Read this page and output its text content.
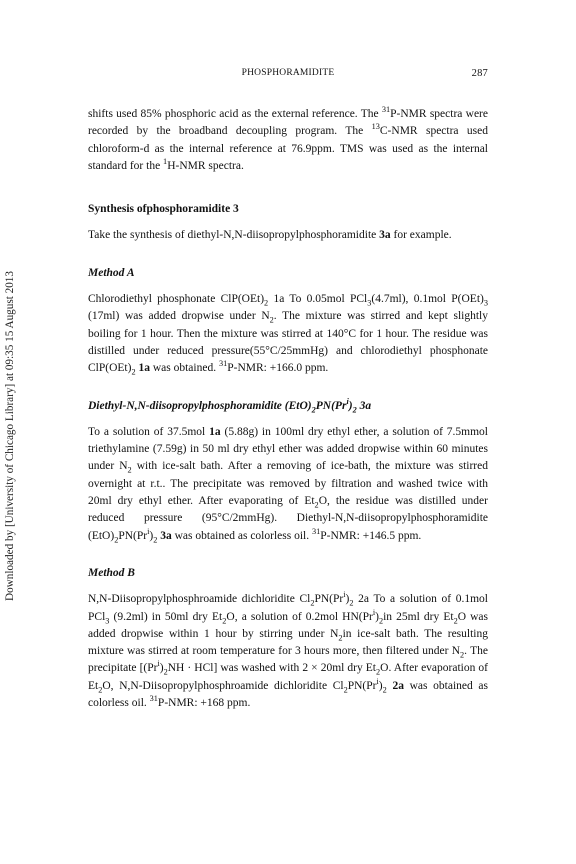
Downloaded by [University of Chicago Library] at 09:35 15 August 2013
PHOSPHORAMIDITE	287

shifts used 85% phosphoric acid as the external reference. The $^{31}$P-NMR spectra were recorded by the broadband decoupling program. The $^{13}$C-NMR spectra used chloroform-d as the internal reference at 76.9ppm. TMS was used as the internal standard for the $^1$H-NMR spectra.

Synthesis ofphosphoramidite 3

Take the synthesis of diethyl-N,N-diisopropylphosphoramidite 3a for example.

Method A

Chlorodiethyl phosphonate $ClP(OEt)_2$ 1a To 0.05mol PCl$_3$(4.7ml), 0.1mol $P(OEt)_3$ (17ml) was added dropwise under $N_2$. The mixture was stirred and kept slightly boiling for 1 hour. Then the mixture was stirred at 140°C for 1 hour. The residue was distilled under reduced pressure(55°C/25mmHg) and chlorodiethyl phosphonate $ClP(OEt)_2$ 1a was obtained. $^{31}$P-NMR: +166.0 ppm.

Diethyl-N,N-diisopropylphosphoramidite $(EtO)_2PN(Pr^i)_2$ 3a

To a solution of 37.5mol 1a (5.88g) in 100ml dry ethyl ether, a solution of 7.5mmol triethylamine (7.59g) in 50 ml dry ethyl ether was added dropwise within 60 minutes under $N_2$ with ice-salt bath. After a removing of ice-bath, the mixture was stirred overnight at r.t.. The precipitate was removed by filtration and washed twice with 20ml dry ethyl ether. After evaporating of $Et_2O$, the residue was distilled under reduced pressure (95°C/2mmHg). Diethyl-N,N-diisopropylphosphoramidite $(EtO)_2PN(Pr^i)_2$ 3a was obtained as colorless oil. $^{31}$P-NMR: +146.5 ppm.

Method B

N,N-Diisopropylphosphroamide dichloridite $Cl_2PN(Pr^i)_2$ 2a To a solution of 0.1mol PCl$_3$ (9.2ml) in 50ml dry $Et_2O$, a solution of 0.2mol $HN(Pr^i)_2in$ 25ml dry $Et_2O$ was added dropwise within 1 hour by stirring under $N_2in$ ice-salt bath. The resulting mixture was stirred at room temperature for 3 hours more, then filtered under $N_2$. The precipitate $[(Pr^i)_2NH \cdot HCl]$ was washed with 2 × 20ml dry $Et_2O$. After evaporation of $Et_2O$, N,N-Diisopropylphosphroamide dichloridite $Cl_2PN(Pr^i)_2$ 2a was obtained as colorless oil. $^{31}$P-NMR: +168 ppm.
